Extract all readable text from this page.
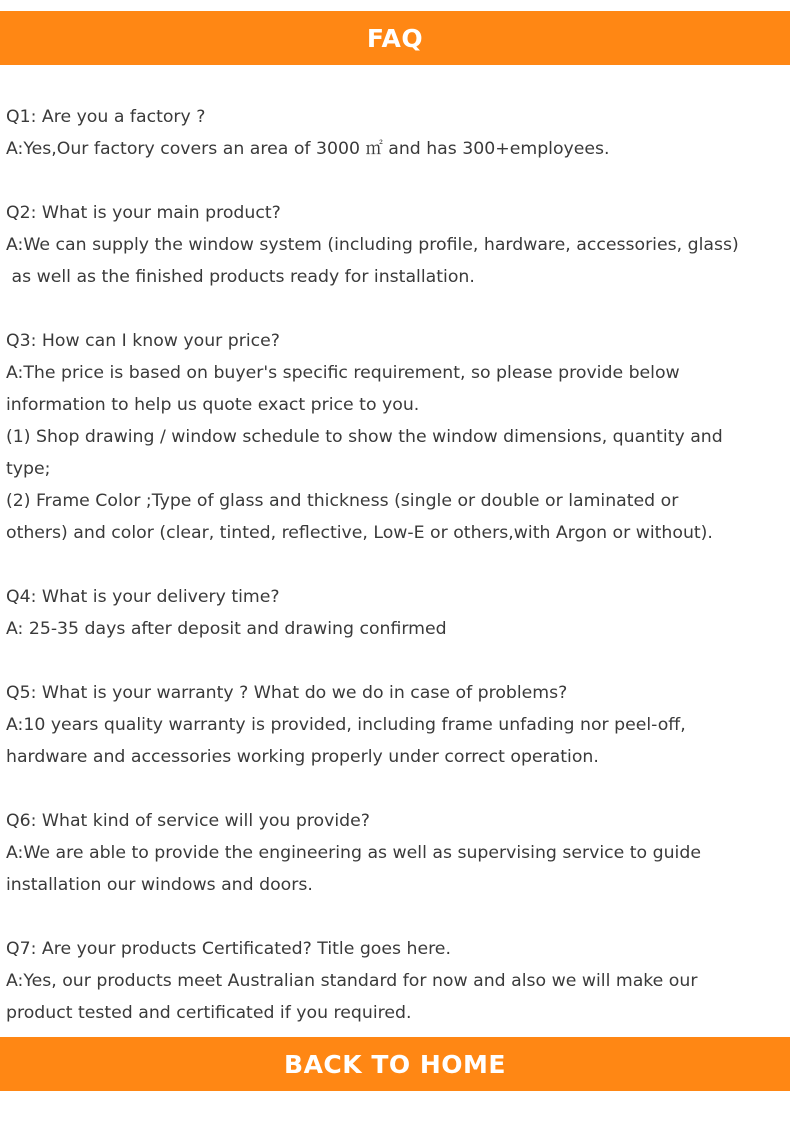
FAQ
Q1: Are you a factory ?
A:Yes,Our factory covers an area of 3000 ㎡ and has 300+employees.
Q2: What is your main product?
A:We can supply the window system (including profile, hardware, accessories, glass)
as well as the finished products ready for installation.
Q3: How can I know your price?
A:The price is based on buyer's specific requirement, so please provide below
information to help us quote exact price to you.
(1) Shop drawing / window schedule to show the window dimensions, quantity and
type;
(2) Frame Color ;Type of glass and thickness (single or double or laminated or
others) and color (clear, tinted, reflective, Low-E or others,with Argon or without).
Q4: What is your delivery time?
A: 25-35 days after deposit and drawing confirmed
Q5: What is your warranty ? What do we do in case of problems?
A:10 years quality warranty is provided, including frame unfading nor peel-off,
hardware and accessories working properly under correct operation.
Q6: What kind of service will you provide?
A:We are able to provide the engineering as well as supervising service to guide
installation our windows and doors.
Q7: Are your products Certificated? Title goes here.
A:Yes, our products meet Australian standard for now and also we will make our
product tested and certificated if you required.
BACK TO HOME
